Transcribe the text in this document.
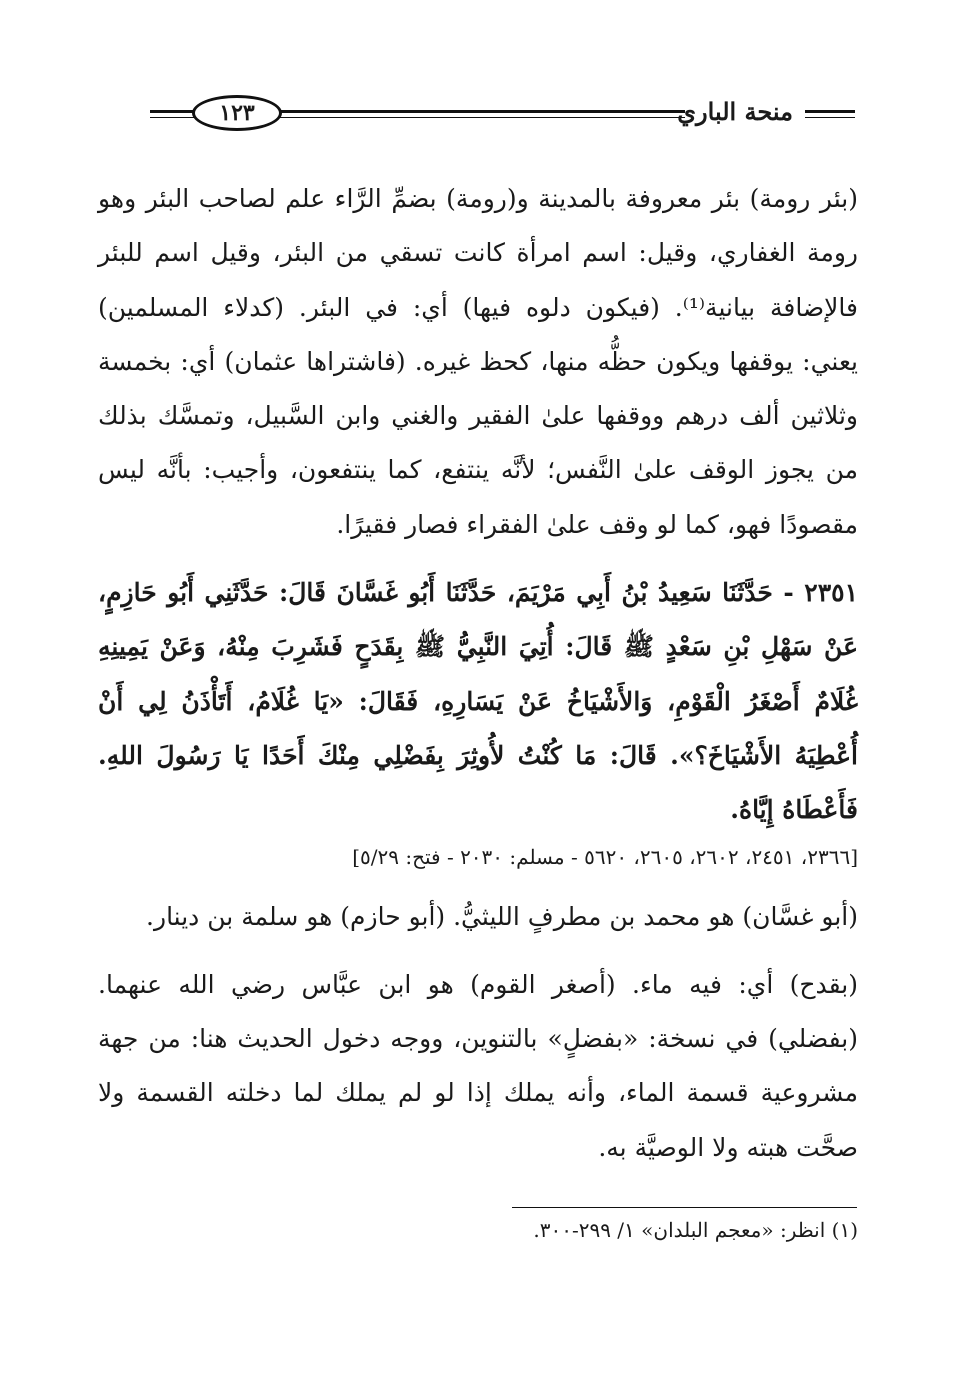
١٢٣	منحة الباري

(بئر رومة) بئر معروفة بالمدينة و(رومة) بضمِّ الرَّاء علم لصاحب البئر وهو رومة الغفاري، وقيل: اسم امرأة كانت تسقي من البئر، وقيل اسم للبئر فالإضافة بيانية⁽¹⁾. (فيكون دلوه فيها) أي: في البئر. (كدلاء المسلمين) يعني: يوقفها ويكون حظُّه منها، كحظ غيره. (فاشتراها عثمان) أي: بخمسة وثلاثين ألف درهم ووقفها علىٰ الفقير والغني وابن السَّبيل، وتمسَّك بذلك من يجوز الوقف علىٰ النَّفس؛ لأنَّه ينتفع، كما ينتفعون، وأجيب: بأنَّه ليس مقصودًا فهو، كما لو وقف علىٰ الفقراء فصار فقيرًا.

٢٣٥١ - حَدَّثَنَا سَعِيدُ بْنُ أَبِي مَرْيَمَ، حَدَّثَنَا أَبُو غَسَّانَ قَالَ: حَدَّثَنِي أَبُو حَازِمٍ، عَنْ سَهْلِ بْنِ سَعْدٍ ﷺ قَالَ: أُتِيَ النَّبِيُّ ﷺ بِقَدَحٍ فَشَرِبَ مِنْهُ، وَعَنْ يَمِينِهِ غُلَامٌ أَصْغَرُ الْقَوْمِ، وَالأَشْيَاخُ عَنْ يَسَارِهِ، فَقَالَ: «يَا غُلَامُ، أَتَأْذَنُ لِي أَنْ أُعْطِيَهُ الأَشْيَاخَ؟». قَالَ: مَا كُنْتُ لأُوثِرَ بِفَضْلِي مِنْكَ أَحَدًا يَا رَسُولَ اللهِ. فَأَعْطَاهُ إِيَّاهُ.

[٢٣٦٦، ٢٤٥١، ٢٦٠٢، ٢٦٠٥، ٥٦٢٠ - مسلم: ٢٠٣٠ - فتح: ٥/٢٩]

(أبو غسَّان) هو محمد بن مطرفٍ الليثيُّ. (أبو حازم) هو سلمة بن دينار.

(بقدح) أي: فيه ماء. (أصغر القوم) هو ابن عبَّاس رضي الله عنهما. (بفضلي) في نسخة: «بفضلٍ» بالتنوين، ووجه دخول الحديث هنا: من جهة مشروعية قسمة الماء، وأنه يملك إذا لو لم يملك لما دخلته القسمة ولا صحَّت هبته ولا الوصيَّة به.

(١) انظر: «معجم البلدان» ١/ ٢٩٩-٣٠٠.
